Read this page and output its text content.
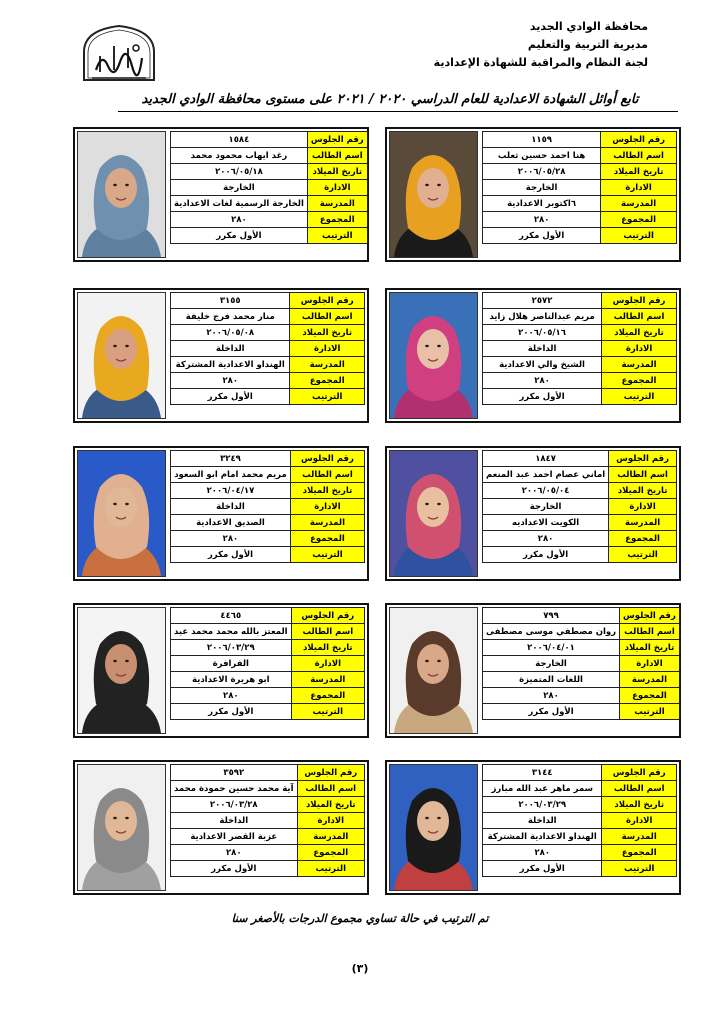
محافظة الوادي الجديد
مديرية التربية والتعليم
لجنة النظام والمراقبة للشهادة الإعدادية
تابع أوائل الشهادة الاعدادية للعام الدراسي ٢٠٢٠ / ٢٠٢١ على مستوى محافظة الوادي الجديد
رقم الجلوس	١١٥٩
اسم الطالب	هنا احمد حسين ثعلب
تاريخ الميلاد	٢٠٠٦/٠٥/٢٨
الادارة	الخارجة
المدرسة	٦اكتوبر الاعدادية
المجموع	٢٨٠
الترتيب	الأول مكرر
رقم الجلوس	١٥٨٤
اسم الطالب	رغد ايهاب محمود محمد
تاريخ الميلاد	٢٠٠٦/٠٥/١٨
الادارة	الخارجة
المدرسة	الخارجة الرسمية لغات الاعدادية
المجموع	٢٨٠
الترتيب	الأول مكرر
رقم الجلوس	٢٥٧٢
اسم الطالب	مريم عبدالناصر هلال زايد
تاريخ الميلاد	٢٠٠٦/٠٥/١٦
الادارة	الداخلة
المدرسة	الشيخ والي الاعدادية
المجموع	٢٨٠
الترتيب	الأول مكرر
رقم الجلوس	٣١٥٥
اسم الطالب	منار محمد فرج خليفة
تاريخ الميلاد	٢٠٠٦/٠٥/٠٨
الادارة	الداخلة
المدرسة	الهنداو الاعدادية المشتركة
المجموع	٢٨٠
الترتيب	الأول مكرر
رقم الجلوس	١٨٤٧
اسم الطالب	اماني عصام احمد عبد المنعم
تاريخ الميلاد	٢٠٠٦/٠٥/٠٤
الادارة	الخارجة
المدرسة	الكويت الاعداديه
المجموع	٢٨٠
الترتيب	الأول مكرر
رقم الجلوس	٣٢٤٩
اسم الطالب	مريم محمد امام ابو السعود
تاريخ الميلاد	٢٠٠٦/٠٤/١٧
الادارة	الداخلة
المدرسة	الصديق الاعدادية
المجموع	٢٨٠
الترتيب	الأول مكرر
رقم الجلوس	٧٩٩
اسم الطالب	روان مصطفي موسى مصطفى
تاريخ الميلاد	٢٠٠٦/٠٤/٠١
الادارة	الخارجة
المدرسة	اللغات المتميزة
المجموع	٢٨٠
الترتيب	الأول مكرر
رقم الجلوس	٤٤٦٥
اسم الطالب	المعتز بالله محمد محمد عيد
تاريخ الميلاد	٢٠٠٦/٠٣/٢٩
الادارة	الفرافرة
المدرسة	ابو هريرة الاعدادية
المجموع	٢٨٠
الترتيب	الأول مكرر
رقم الجلوس	٣١٤٤
اسم الطالب	سمر ماهر عبد الله مبارز
تاريخ الميلاد	٢٠٠٦/٠٣/٢٩
الادارة	الداخلة
المدرسة	الهنداو الاعدادية المشتركة
المجموع	٢٨٠
الترتيب	الأول مكرر
رقم الجلوس	٣٥٩٢
اسم الطالب	آية محمد حسين حمودة محمد
تاريخ الميلاد	٢٠٠٦/٠٣/٢٨
الادارة	الداخلة
المدرسة	عزبة القصر الاعدادية
المجموع	٢٨٠
الترتيب	الأول مكرر
تم الترتيب في حالة تساوي مجموع الدرجات بالأصغر سنا
(٣)
